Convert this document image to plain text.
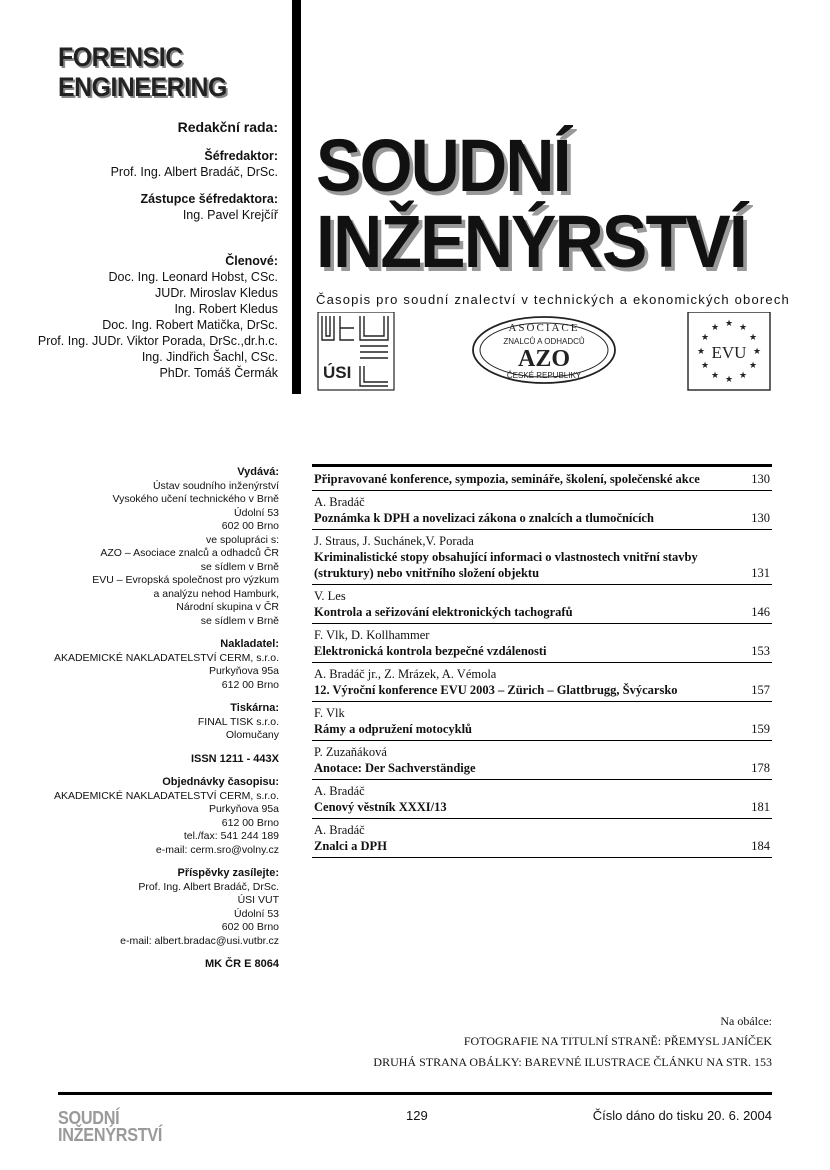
FORENSIC
ENGINEERING
Redakční rada:
Šéfredaktor:
Prof. Ing. Albert Bradáč, DrSc.
Zástupce šéfredaktora:
Ing. Pavel Krejčíř
Členové:
Doc. Ing. Leonard Hobst, CSc.
JUDr. Miroslav Kledus
Ing. Robert Kledus
Doc. Ing. Robert Matička, DrSc.
Prof. Ing. JUDr. Viktor Porada, DrSc.,dr.h.c.
Ing. Jindřich Šachl, CSc.
PhDr. Tomáš Čermák
SOUDNÍ
INŽENÝRSTVÍ
Časopis pro soudní znalectví v technických a ekonomických oborech
ÚSI
ASOCIACE
ZNALCŮ A ODHADCŮ
AZO
ČESKÉ REPUBLIKY
★
★ ★
★	★
★	★
★	★
★ ★
★
EVU
Vydává:
Ústav soudního inženýrství
Vysokého učení technického v Brně
Údolní 53
602 00 Brno
ve spolupráci s:
AZO – Asociace znalců a odhadců ČR
se sídlem v Brně
EVU – Evropská společnost pro výzkum
a analýzu nehod Hamburk,
Národní skupina v ČR
se sídlem v Brně
Nakladatel:
AKADEMICKÉ NAKLADATELSTVÍ CERM, s.r.o.
Purkyňova 95a
612 00 Brno
Tiskárna:
FINAL TISK s.r.o.
Olomučany
ISSN 1211 - 443X
Objednávky časopisu:
AKADEMICKÉ NAKLADATELSTVÍ CERM, s.r.o.
Purkyňova 95a
612 00 Brno
tel./fax: 541 244 189
e-mail: cerm.sro@volny.cz
Příspěvky zasílejte:
Prof. Ing. Albert Bradáč, DrSc.
ÚSI VUT
Údolní 53
602 00 Brno
e-mail: albert.bradac@usi.vutbr.cz
MK ČR E 8064
Připravované konference, sympozia, semináře, školení, společenské akce	130
A. Bradáč
Poznámka k DPH a novelizaci zákona o znalcích a tlumočnících	130
J. Straus, J. Suchánek,V. Porada
Kriminalistické stopy obsahující informaci o vlastnostech vnitřní stavby (struktury) nebo vnitřního složení objektu	131
V. Les
Kontrola a seřizování elektronických tachografů	146
F. Vlk, D. Kollhammer
Elektronická kontrola bezpečné vzdálenosti	153
A. Bradáč jr., Z. Mrázek, A. Vémola
12. Výroční konference EVU 2003 – Zürich – Glattbrugg, Švýcarsko	157
F. Vlk
Rámy a odpružení motocyklů	159
P. Zuzaňáková
Anotace: Der Sachverständige	178
A. Bradáč
Cenový věstník XXXI/13	181
A. Bradáč
Znalci a DPH	184
Na obálce:
FOTOGRAFIE NA TITULNÍ STRANĚ: PŘEMYSL JANÍČEK
DRUHÁ STRANA OBÁLKY: BAREVNÉ ILUSTRACE ČLÁNKU NA STR. 153
SOUDNÍ
INŽENÝRSTVÍ
129	Číslo dáno do tisku 20. 6. 2004
